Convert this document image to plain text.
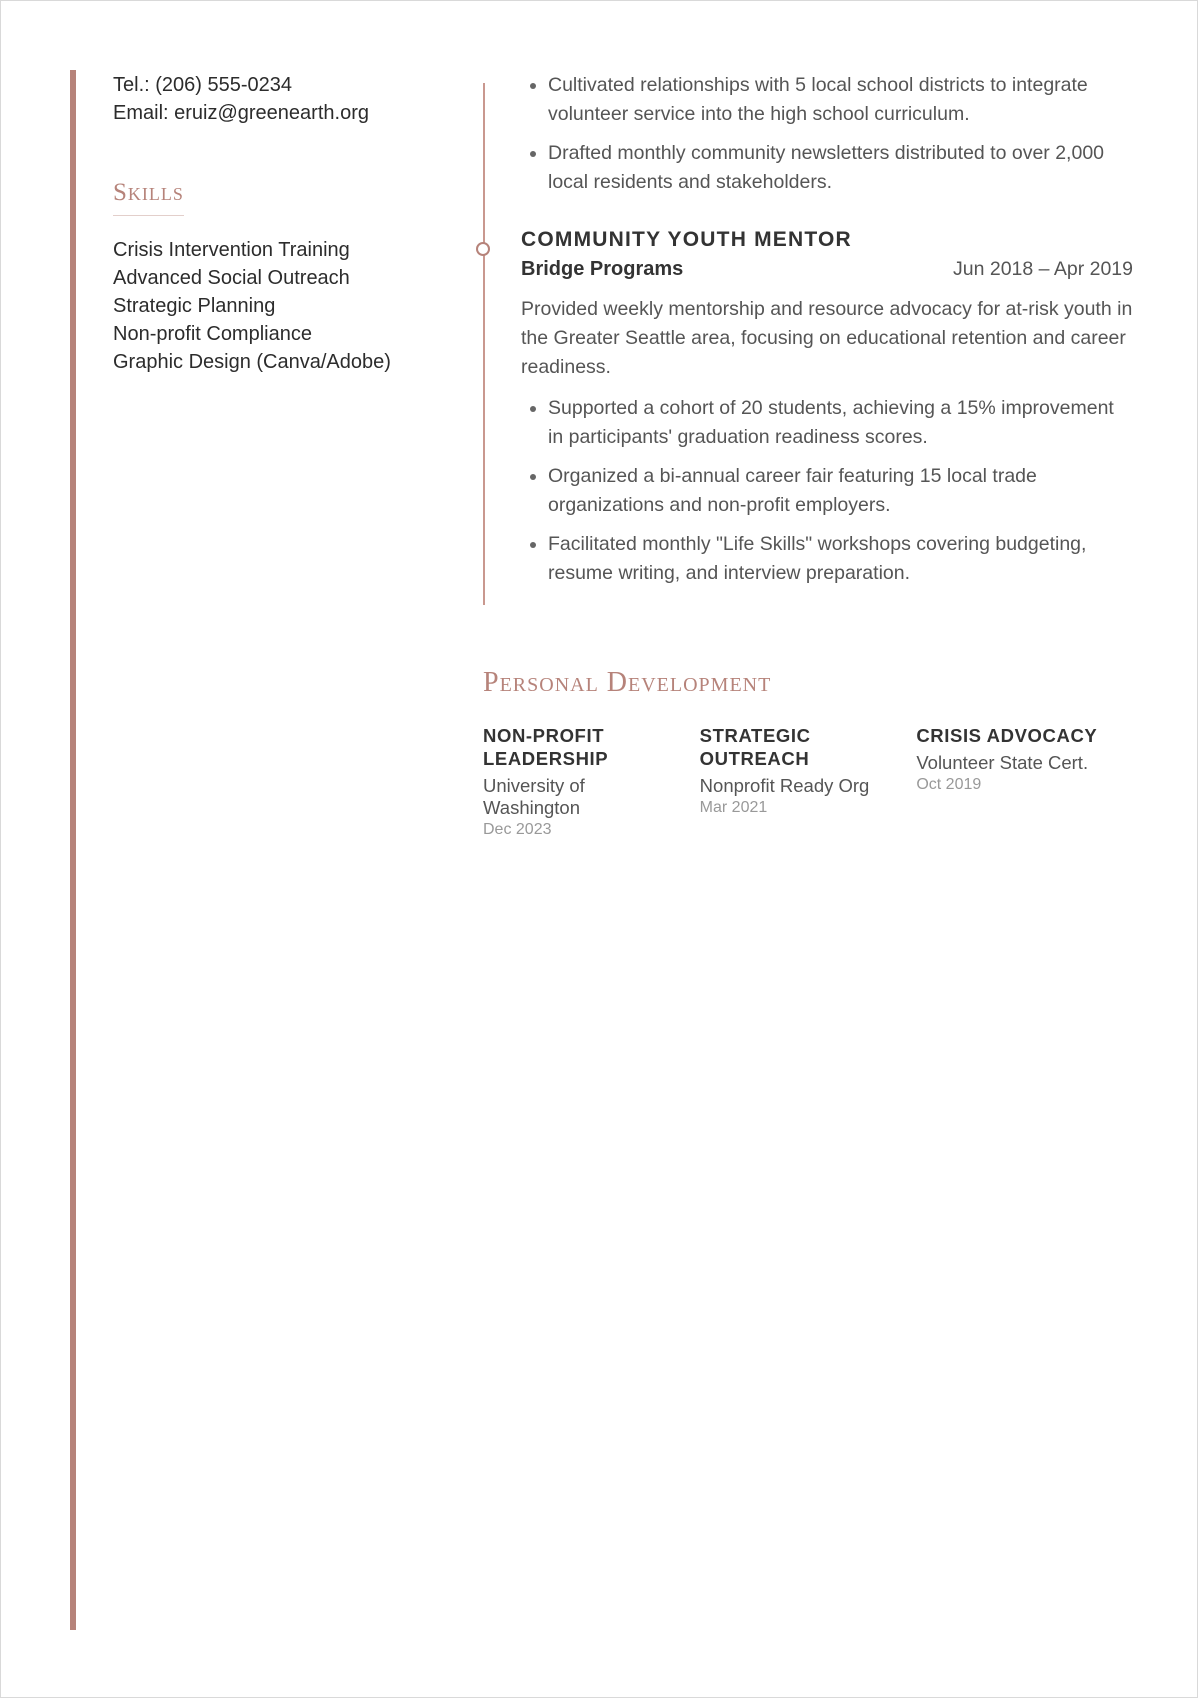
Tel.: (206) 555-0234
Email: eruiz@greenearth.org
Skills
Crisis Intervention Training
Advanced Social Outreach
Strategic Planning
Non-profit Compliance
Graphic Design (Canva/Adobe)
• Cultivated relationships with 5 local school districts to integrate volunteer service into the high school curriculum.
• Drafted monthly community newsletters distributed to over 2,000 local residents and stakeholders.
COMMUNITY YOUTH MENTOR
Bridge Programs	Jun 2018 – Apr 2019
Provided weekly mentorship and resource advocacy for at-risk youth in the Greater Seattle area, focusing on educational retention and career readiness.
• Supported a cohort of 20 students, achieving a 15% improvement in participants' graduation readiness scores.
• Organized a bi-annual career fair featuring 15 local trade organizations and non-profit employers.
• Facilitated monthly "Life Skills" workshops covering budgeting, resume writing, and interview preparation.
Personal Development
NON-PROFIT LEADERSHIP
University of Washington
Dec 2023
STRATEGIC OUTREACH
Nonprofit Ready Org
Mar 2021
CRISIS ADVOCACY
Volunteer State Cert.
Oct 2019
